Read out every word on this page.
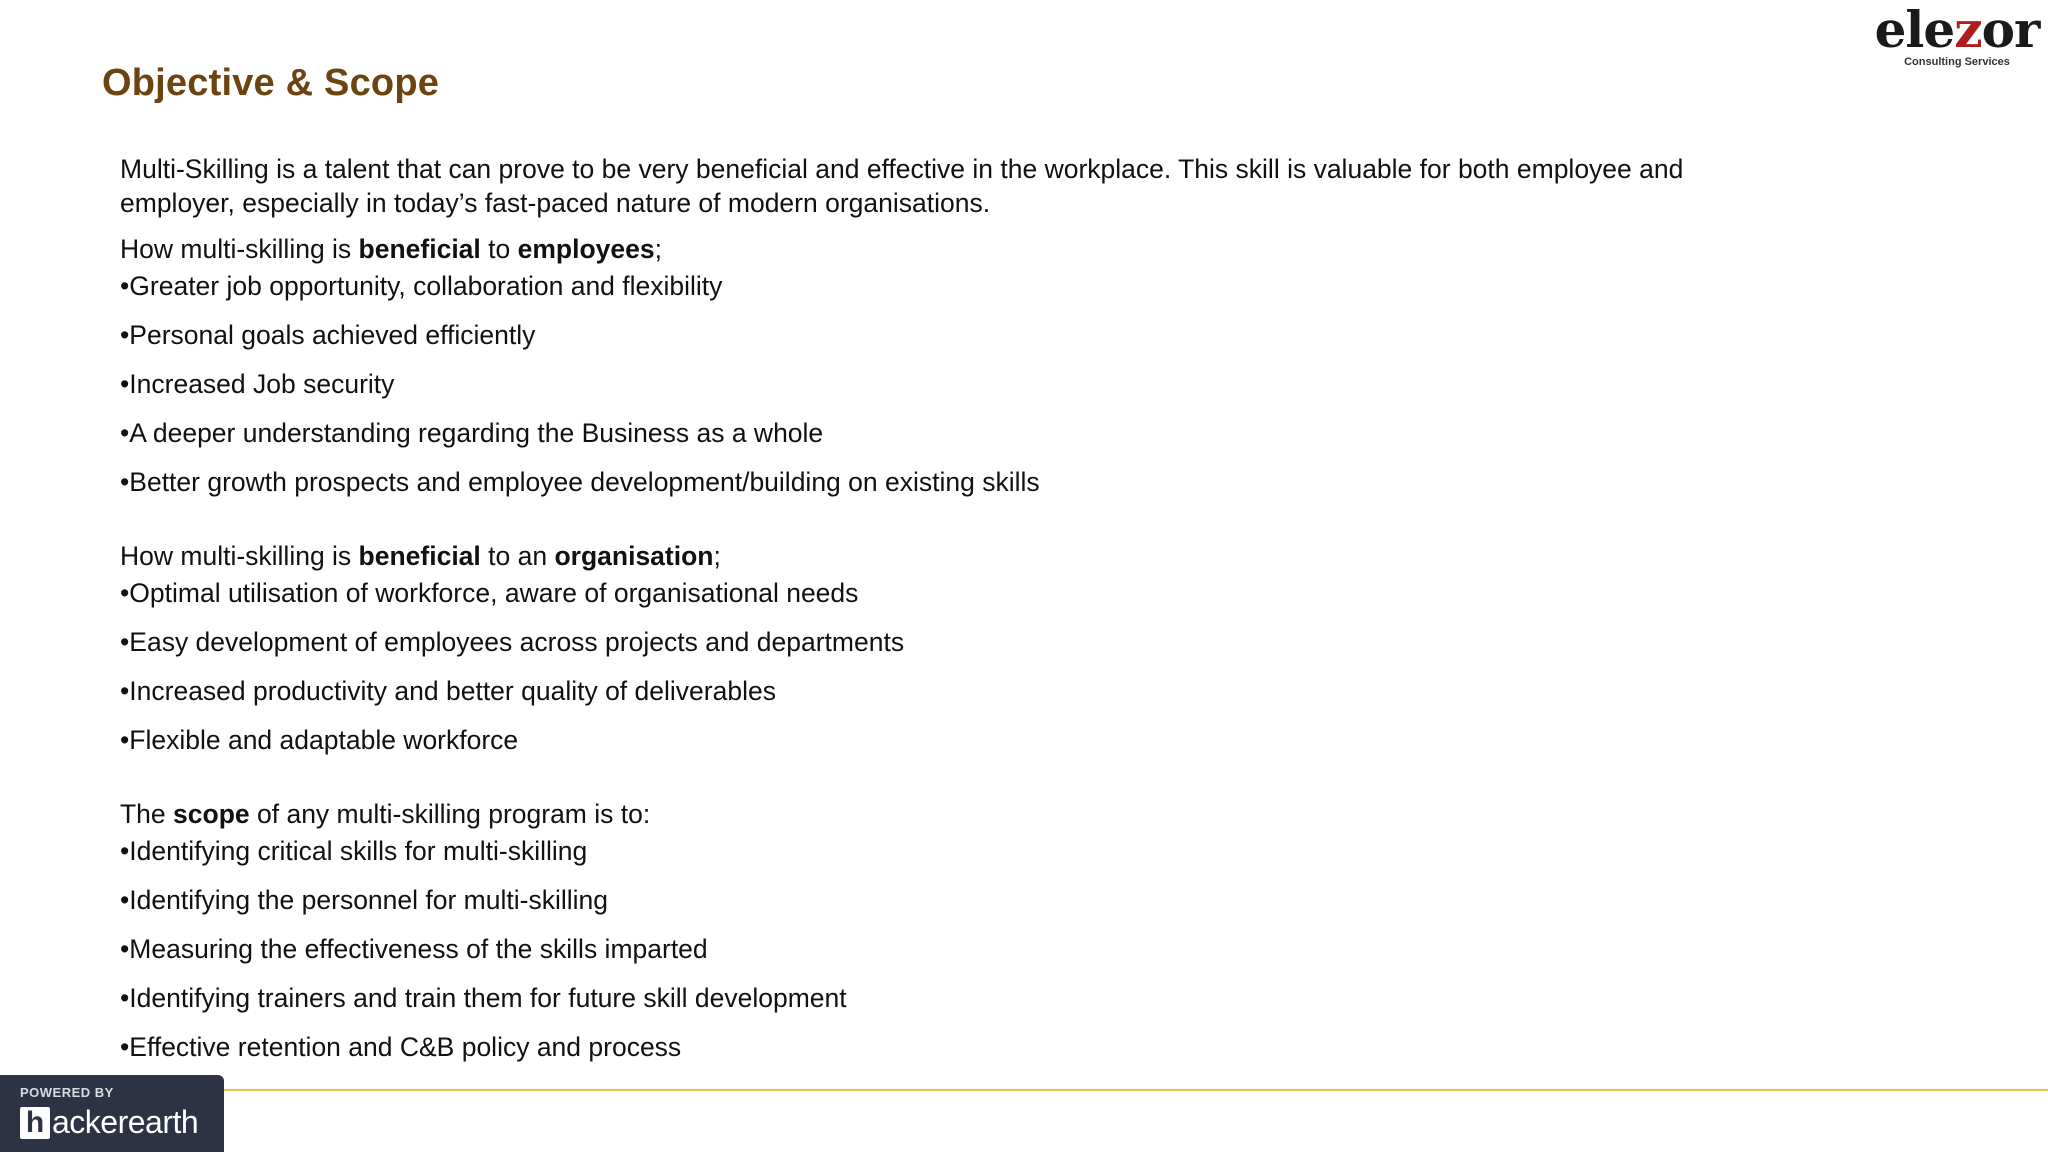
Objective & Scope
elezor
Consulting Services

Multi-Skilling is a talent that can prove to be very beneficial and effective in the workplace. This skill is valuable for both employee and employer, especially in today’s fast-paced nature of modern organisations.

How multi-skilling is beneficial to employees;
•Greater job opportunity, collaboration and flexibility
•Personal goals achieved efficiently
•Increased Job security
•A deeper understanding regarding the Business as a whole
•Better growth prospects and employee development/building on existing skills
How multi-skilling is beneficial to an organisation;
•Optimal utilisation of workforce, aware of organisational needs
•Easy development of employees across projects and departments
•Increased productivity and better quality of deliverables
•Flexible and adaptable workforce
The scope of any multi-skilling program is to:
•Identifying critical skills for multi-skilling
•Identifying the personnel for multi-skilling
•Measuring the effectiveness of the skills imparted
•Identifying trainers and train them for future skill development
•Effective retention and C&B policy and process
POWERED BY
h ackerearth
